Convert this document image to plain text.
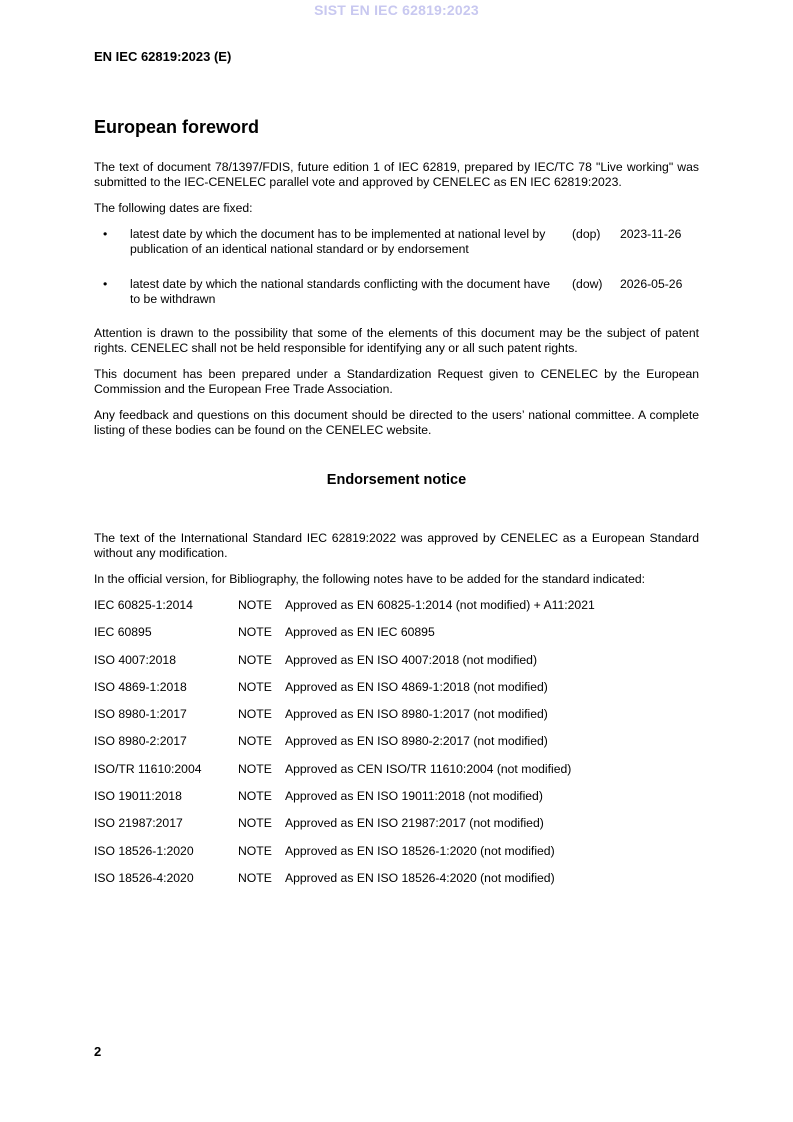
SIST EN IEC 62819:2023
EN IEC 62819:2023 (E)
European foreword

The text of document 78/1397/FDIS, future edition 1 of IEC 62819, prepared by IEC/TC 78 "Live working" was submitted to the IEC-CENELEC parallel vote and approved by CENELEC as EN IEC 62819:2023.

The following dates are fixed:

• latest date by which the document has to be implemented at national level by publication of an identical national standard or by endorsement
(dop) 2023-11-26
• latest date by which the national standards conflicting with the document have to be withdrawn
(dow) 2026-05-26

Attention is drawn to the possibility that some of the elements of this document may be the subject of patent rights. CENELEC shall not be held responsible for identifying any or all such patent rights.

This document has been prepared under a Standardization Request given to CENELEC by the European Commission and the European Free Trade Association.

Any feedback and questions on this document should be directed to the users’ national committee. A complete listing of these bodies can be found on the CENELEC website.

Endorsement notice

The text of the International Standard IEC 62819:2022 was approved by CENELEC as a European Standard without any modification.

In the official version, for Bibliography, the following notes have to be added for the standard indicated:

IEC 60825-1:2014	NOTE Approved as EN 60825-1:2014 (not modified) + A11:2021
IEC 60895	NOTE Approved as EN IEC 60895
ISO 4007:2018	NOTE Approved as EN ISO 4007:2018 (not modified)
ISO 4869-1:2018	NOTE Approved as EN ISO 4869-1:2018 (not modified)
ISO 8980-1:2017	NOTE Approved as EN ISO 8980-1:2017 (not modified)
ISO 8980-2:2017	NOTE Approved as EN ISO 8980-2:2017 (not modified)
ISO/TR 11610:2004	NOTE Approved as CEN ISO/TR 11610:2004 (not modified)
ISO 19011:2018	NOTE Approved as EN ISO 19011:2018 (not modified)
ISO 21987:2017	NOTE Approved as EN ISO 21987:2017 (not modified)
ISO 18526-1:2020	NOTE Approved as EN ISO 18526-1:2020 (not modified)
ISO 18526-4:2020	NOTE Approved as EN ISO 18526-4:2020 (not modified)
2
